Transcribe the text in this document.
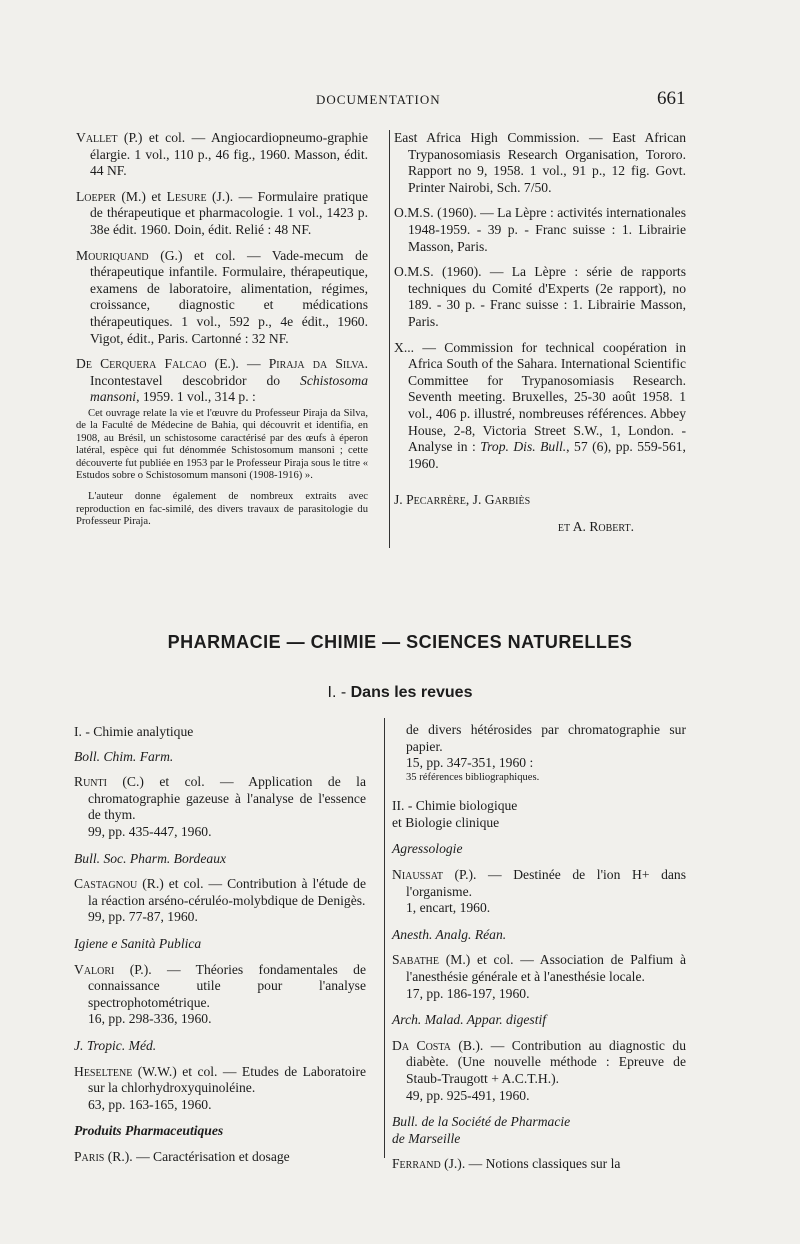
DOCUMENTATION	661

Vallet (P.) et col. — Angiocardiopneumo-graphie élargie. 1 vol., 110 p., 46 fig., 1960. Masson, édit. 44 NF.

Loeper (M.) et Lesure (J.). — Formulaire pratique de thérapeutique et pharmacologie. 1 vol., 1423 p. 38e édit. 1960. Doin, édit. Relié : 48 NF.

Mouriquand (G.) et col. — Vade-mecum de thérapeutique infantile. Formulaire, thérapeutique, examens de laboratoire, alimentation, régimes, croissance, diagnostic et médications thérapeutiques. 1 vol., 592 p., 4e édit., 1960. Vigot, édit., Paris. Cartonné : 32 NF.

De Cerquera Falcao (E.). — Piraja da Silva. Incontestavel descobridor do Schistosoma mansoni, 1959. 1 vol., 314 p. :

Cet ouvrage relate la vie et l'œuvre du Professeur Piraja da Silva, de la Faculté de Médecine de Bahia, qui découvrit et identifia, en 1908, au Brésil, un schistosome caractérisé par des œufs à éperon latéral, espèce qui fut dénommée Schistosomum mansoni ; cette découverte fut publiée en 1953 par le Professeur Piraja sous le titre « Estudos sobre o Schistosomum mansoni (1908-1916) ».

L'auteur donne également de nombreux extraits avec reproduction en fac-similé, des divers travaux de parasitologie du Professeur Piraja.

East Africa High Commission. — East African Trypanosomiasis Research Organisation, Tororo. Rapport no 9, 1958. 1 vol., 91 p., 12 fig. Govt. Printer Nairobi, Sch. 7/50.

O.M.S. (1960). — La Lèpre : activités internationales 1948-1959. - 39 p. - Franc suisse : 1. Librairie Masson, Paris.

O.M.S. (1960). — La Lèpre : série de rapports techniques du Comité d'Experts (2e rapport), no 189. - 30 p. - Franc suisse : 1. Librairie Masson, Paris.

X... — Commission for technical coopération in Africa South of the Sahara. International Scientific Committee for Trypanosomiasis Research. Seventh meeting. Bruxelles, 25-30 août 1958. 1 vol., 406 p. illustré, nombreuses références. Abbey House, 2-8, Victoria Street S.W., 1, London. - Analyse in : Trop. Dis. Bull., 57 (6), pp. 559-561, 1960.

J. Pecarrère, J. Garbiès

et A. Robert.

PHARMACIE — CHIMIE — SCIENCES NATURELLES
I. - Dans les revues

I. - Chimie analytique

Boll. Chim. Farm.

Runti (C.) et col. — Application de la chromatographie gazeuse à l'analyse de l'essence de thym.

99, pp. 435-447, 1960.

Bull. Soc. Pharm. Bordeaux

Castagnou (R.) et col. — Contribution à l'étude de la réaction arséno-céruléo-molybdique de Denigès.

99, pp. 77-87, 1960.

Igiene e Sanità Publica

Valori (P.). — Théories fondamentales de connaissance utile pour l'analyse spectrophotométrique.

16, pp. 298-336, 1960.

J. Tropic. Méd.

Heseltene (W.W.) et col. — Etudes de Laboratoire sur la chlorhydroxyquinoléine.

63, pp. 163-165, 1960.

Produits Pharmaceutiques

Paris (R.). — Caractérisation et dosage

de divers hétérosides par chromatographie sur papier.

15, pp. 347-351, 1960 :

35 références bibliographiques.

II. - Chimie biologique

et Biologie clinique

Agressologie

Niaussat (P.). — Destinée de l'ion H+ dans l'organisme.

1, encart, 1960.

Anesth. Analg. Réan.

Sabathe (M.) et col. — Association de Palfium à l'anesthésie générale et à l'anesthésie locale.

17, pp. 186-197, 1960.

Arch. Malad. Appar. digestif

Da Costa (B.). — Contribution au diagnostic du diabète. (Une nouvelle méthode : Epreuve de Staub-Traugott + A.C.T.H.).

49, pp. 925-491, 1960.

Bull. de la Société de Pharmacie

de Marseille

Ferrand (J.). — Notions classiques sur la
